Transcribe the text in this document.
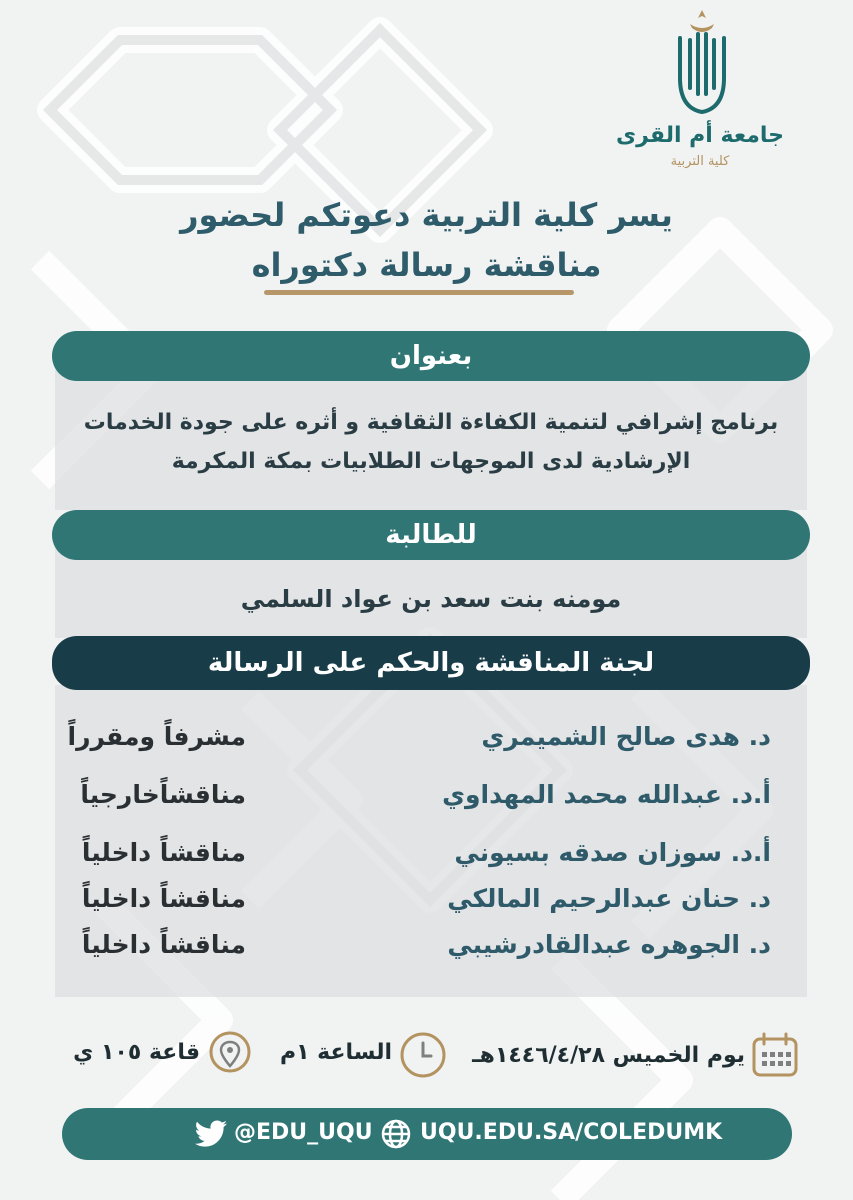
جامعة أم القرى
كلية التربية
يسر كلية التربية دعوتكم لحضور
مناقشة رسالة دكتوراه
بعنوان
برنامج إشرافي لتنمية الكفاءة الثقافية و أثره على جودة الخدمات
الإرشادية لدى الموجهات الطلابيات بمكة المكرمة
للطالبة
مومنه بنت سعد بن عواد السلمي
لجنة المناقشة والحكم على الرسالة
د. هدى صالح الشميمري
مشرفاً ومقرراً
أ.د. عبدالله محمد المهداوي
مناقشاًخارجياً
أ.د. سوزان صدقه بسيوني
مناقشاً داخلياً
د. حنان عبدالرحيم المالكي
مناقشاً داخلياً
د. الجوهره عبدالقادرشيبي
مناقشاً داخلياً
يوم الخميس ١٤٤٦/٤/٢٨هـ
الساعة ١م
قاعة ١٠٥ ي
@EDU_UQU UQU.EDU.SA/COLEDUMK
